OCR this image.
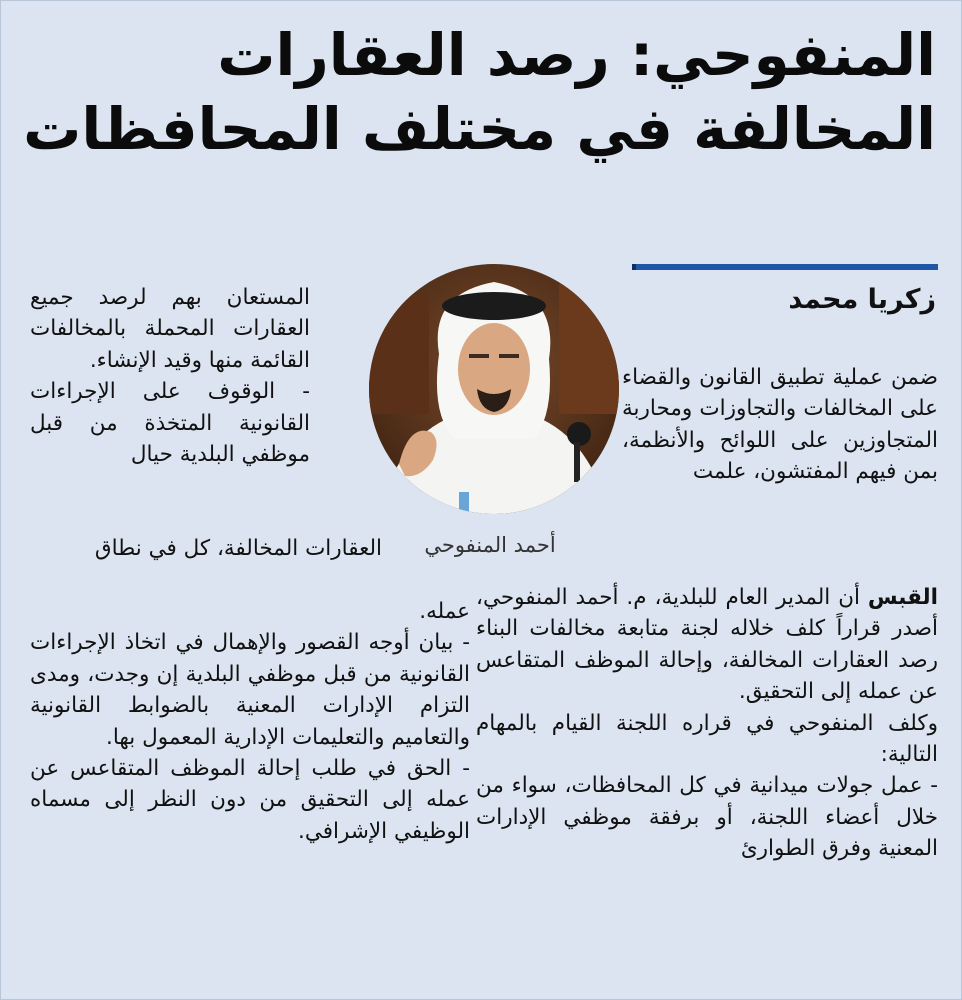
المنفوحي: رصد العقارات
المخالفة في مختلف المحافظات

زكريا محمد

أحمد المنفوحي

ضمن عملية تطبيق القانون والقضاء على المخالفات والتجاوزات ومحاربة المتجاوزين على اللوائح والأنظمة، بمن فيهم المفتشون، علمت

القبس أن المدير العام للبلدية، م. أحمد المنفوحي، أصدر قراراً كلف خلاله لجنة متابعة مخالفات البناء رصد العقارات المخالفة، وإحالة الموظف المتقاعس عن عمله إلى التحقيق.

وكلف المنفوحي في قراره اللجنة القيام بالمهام التالية:

- عمل جولات ميدانية في كل المحافظات، سواء من خلال أعضاء اللجنة، أو برفقة موظفي الإدارات المعنية وفرق الطوارئ

المستعان بهم لرصد جميع العقارات المحملة بالمخالفات القائمة منها وقيد الإنشاء.

- الوقوف على الإجراءات القانونية المتخذة من قبل موظفي البلدية حيال

العقارات المخالفة، كل في نطاق

عمله.

- بيان أوجه القصور والإهمال في اتخاذ الإجراءات القانونية من قبل موظفي البلدية إن وجدت، ومدى التزام الإدارات المعنية بالضوابط القانونية والتعاميم والتعليمات الإدارية المعمول بها.

- الحق في طلب إحالة الموظف المتقاعس عن عمله إلى التحقيق من دون النظر إلى مسماه الوظيفي الإشرافي.
